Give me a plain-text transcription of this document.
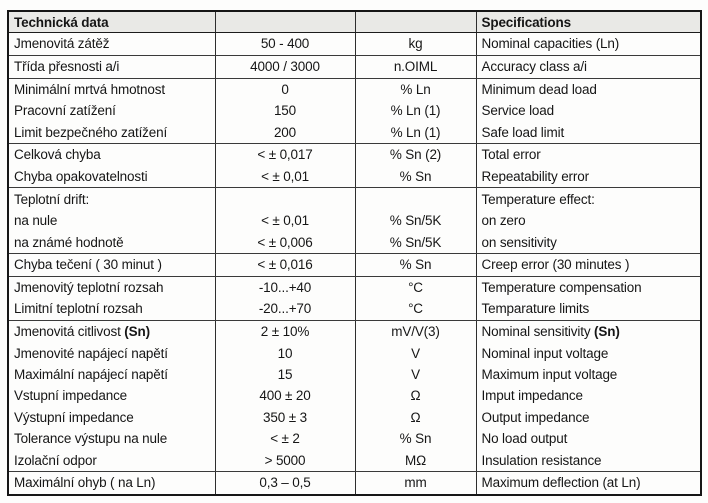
Technická data			Specifications
Jmenovitá zátěž	50 - 400	kg	Nominal capacities (Ln)
Třída přesnosti a/i	4000 / 3000	n.OIML	Accuracy class a/i
Minimální mrtvá hmotnost	0	% Ln	Minimum dead load
Pracovní zatížení	150	% Ln (1)	Service load
Limit bezpečného zatížení	200	% Ln (1)	Safe load limit
Celková chyba	< ± 0,017	% Sn (2)	Total error
Chyba opakovatelnosti	< ± 0,01	% Sn	Repeatability error
Teplotní drift:			Temperature effect:
na nule	< ± 0,01	% Sn/5K	on zero
na známé hodnotě	< ± 0,006	% Sn/5K	on sensitivity
Chyba tečení ( 30 minut )	< ± 0,016	% Sn	Creep error (30 minutes )
Jmenovitý teplotní rozsah	-10...+40	°C	Temperature compensation
Limitní teplotní rozsah	-20...+70	°C	Temparature limits
Jmenovitá citlivost (Sn)	2 ± 10%	mV/V(3)	Nominal sensitivity (Sn)
Jmenovité napájecí napětí	10	V	Nominal input voltage
Maximální napájecí napětí	15	V	Maximum input voltage
Vstupní impedance	400 ± 20	Ω	Imput impedance
Výstupní impedance	350 ± 3	Ω	Output impedance
Tolerance výstupu na nule	< ± 2	% Sn	No load output
Izolační odpor	> 5000	MΩ	Insulation resistance
Maximální ohyb ( na Ln)	0,3 – 0,5	mm	Maximum deflection (at Ln)
